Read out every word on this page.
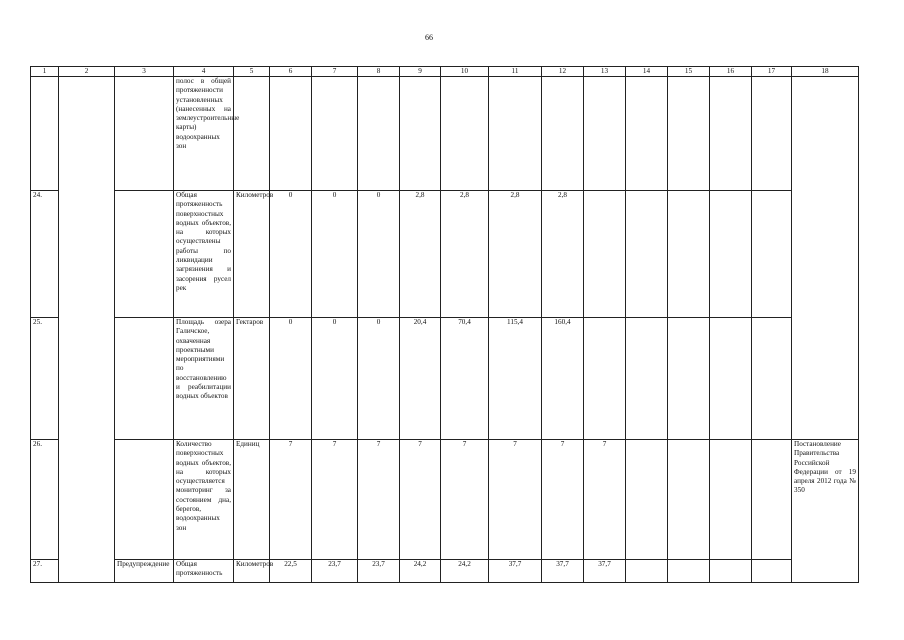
66
1	2	3	4	5	6	7	8	9	10	11	12	13	14	15	16	17	18
			полос в общей протяженности установленных (нанесенных на землеустроительные карты) водоохранных зон														
24.			Общая протяженность поверхностных водных объектов, на которых осуществлены работы по ликвидации загрязнения и засорения русел рек	Километров	0	0	0	2,8	2,8	2,8	2,8						
25.			Площадь озера Галичское, охваченная проектными мероприятиями по восстановлению и реабилитации водных объектов	Гектаров	0	0	0	20,4	70,4	115,4	160,4						
26.			Количество поверхностных водных объектов, на которых осуществляется мониторинг за состоянием дна, берегов, водоохранных зон	Единиц	7	7	7	7	7	7	7	7					Постановление Правительства Российской Федерации от 19 апреля 2012 года № 350
27.		Предупреждение	Общая протяженность	Километров	22,5	23,7	23,7	24,2	24,2	37,7	37,7	37,7					
